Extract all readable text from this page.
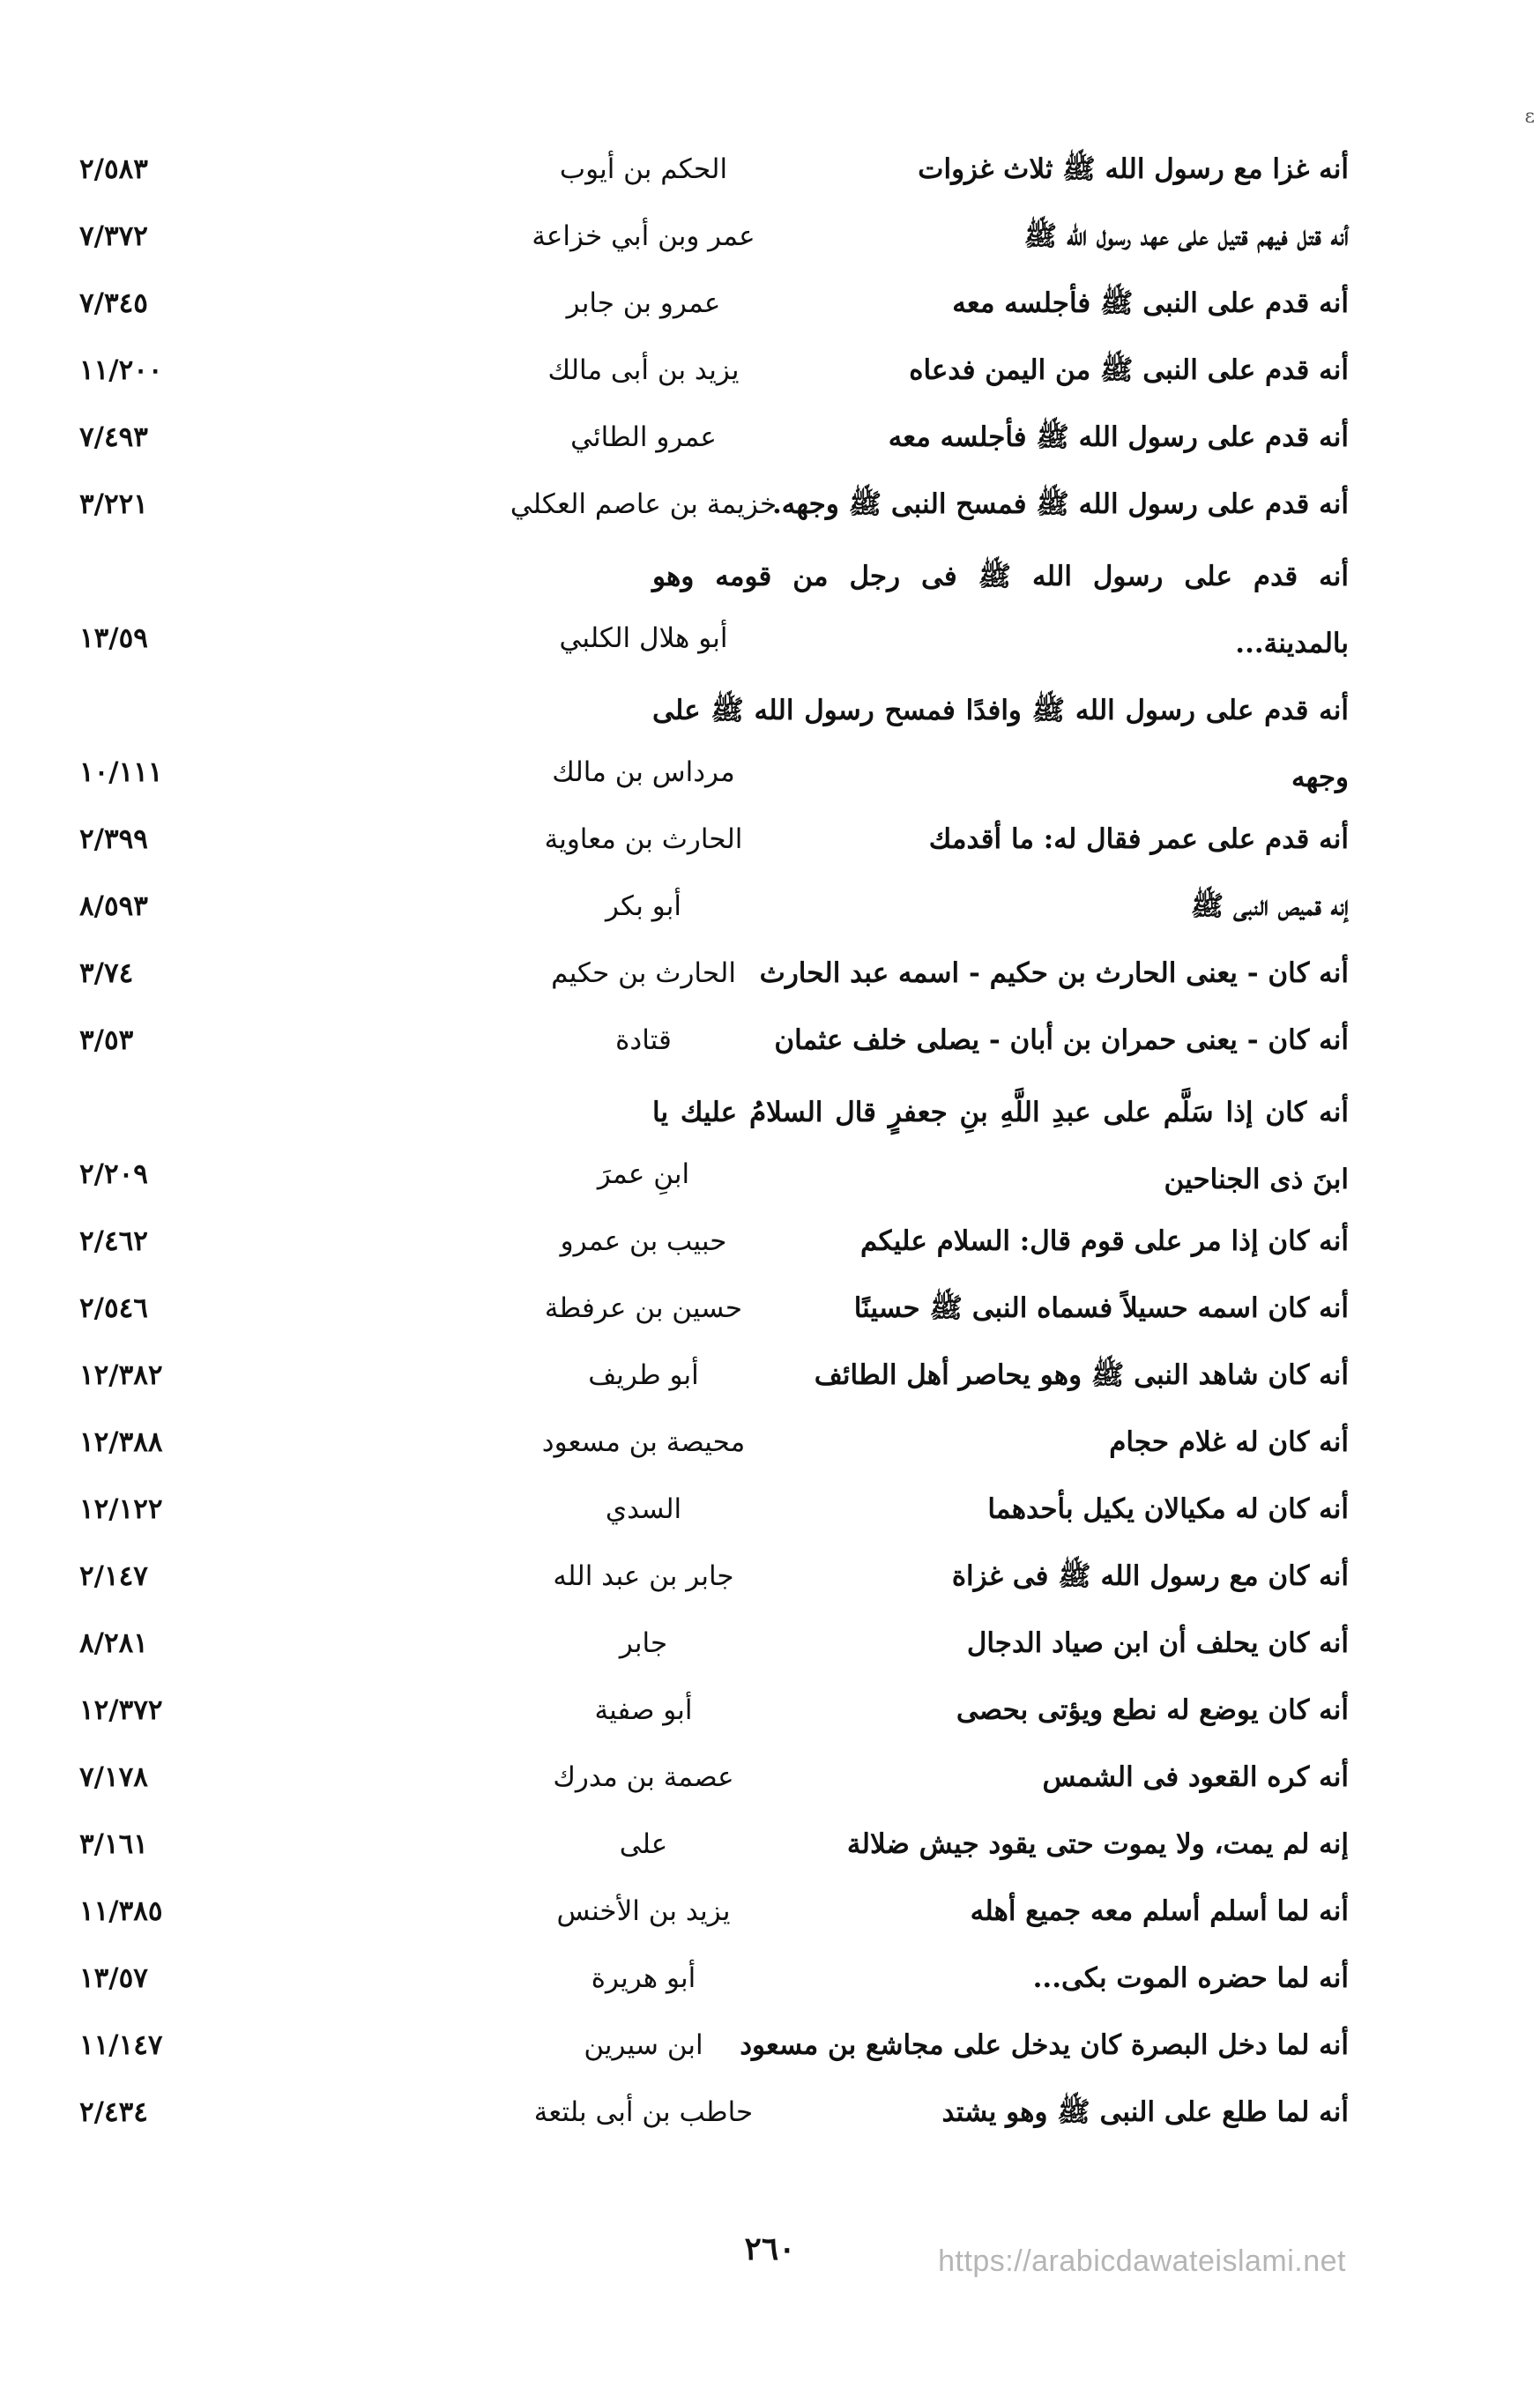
ε
أنه غزا مع رسول الله ﷺ ثلاث غزوات
الحكم بن أيوب
٢/٥٨٣
أنه قتل فيهم قتيل على عهد رسول الله ﷺ
عمر وبن أبي خزاعة
٧/٣٧٢
أنه قدم على النبى ﷺ فأجلسه معه
عمرو بن جابر
٧/٣٤٥
أنه قدم على النبى ﷺ من اليمن فدعاه
يزيد بن أبى مالك
١١/٢٠٠
أنه قدم على رسول الله ﷺ فأجلسه معه
عمرو الطائي
٧/٤٩٣
أنه قدم على رسول الله ﷺ فمسح النبى ﷺ وجهه.
خزيمة بن عاصم العكلي
٣/٢٢١
أنه قدم على رسول الله ﷺ فى رجل من قومه وهو بالمدينة...
أبو هلال الكلبي
١٣/٥٩
أنه قدم على رسول الله ﷺ وافدًا فمسح رسول الله ﷺ على وجهه
مرداس بن مالك
١٠/١١١
أنه قدم على عمر فقال له: ما أقدمك
الحارث بن معاوية
٢/٣٩٩
إنه قميص النبى ﷺ
أبو بكر
٨/٥٩٣
أنه كان - يعنى الحارث بن حكيم - اسمه عبد الحارث
الحارث بن حكيم
٣/٧٤
أنه كان - يعنى حمران بن أبان - يصلى خلف عثمان
قتادة
٣/٥٣
أنه كان إذا سَلَّم على عبدِ اللَّهِ بنِ جعفرٍ قال السلامُ عليك يا ابنَ ذى الجناحين
ابنِ عمرَ
٢/٢٠٩
أنه كان إذا مر على قوم قال: السلام عليكم
حبيب بن عمرو
٢/٤٦٢
أنه كان اسمه حسيلاً فسماه النبى ﷺ حسينًا
حسين بن عرفطة
٢/٥٤٦
أنه كان شاهد النبى ﷺ وهو يحاصر أهل الطائف
أبو طريف
١٢/٣٨٢
أنه كان له غلام حجام
محيصة بن مسعود
١٢/٣٨٨
أنه كان له مكيالان يكيل بأحدهما
السدي
١٢/١٢٢
أنه كان مع رسول الله ﷺ فى غزاة
جابر بن عبد الله
٢/١٤٧
أنه كان يحلف أن ابن صياد الدجال
جابر
٨/٢٨١
أنه كان يوضع له نطع ويؤتى بحصى
أبو صفية
١٢/٣٧٢
أنه كره القعود فى الشمس
عصمة بن مدرك
٧/١٧٨
إنه لم يمت، ولا يموت حتى يقود جيش ضلالة
على
٣/١٦١
أنه لما أسلم أسلم معه جميع أهله
يزيد بن الأخنس
١١/٣٨٥
أنه لما حضره الموت بكى...
أبو هريرة
١٣/٥٧
أنه لما دخل البصرة كان يدخل على مجاشع بن مسعود
ابن سيرين
١١/١٤٧
أنه لما طلع على النبى ﷺ وهو يشتد
حاطب بن أبى بلتعة
٢/٤٣٤
٢٦٠	https://arabicdawateislami.net
